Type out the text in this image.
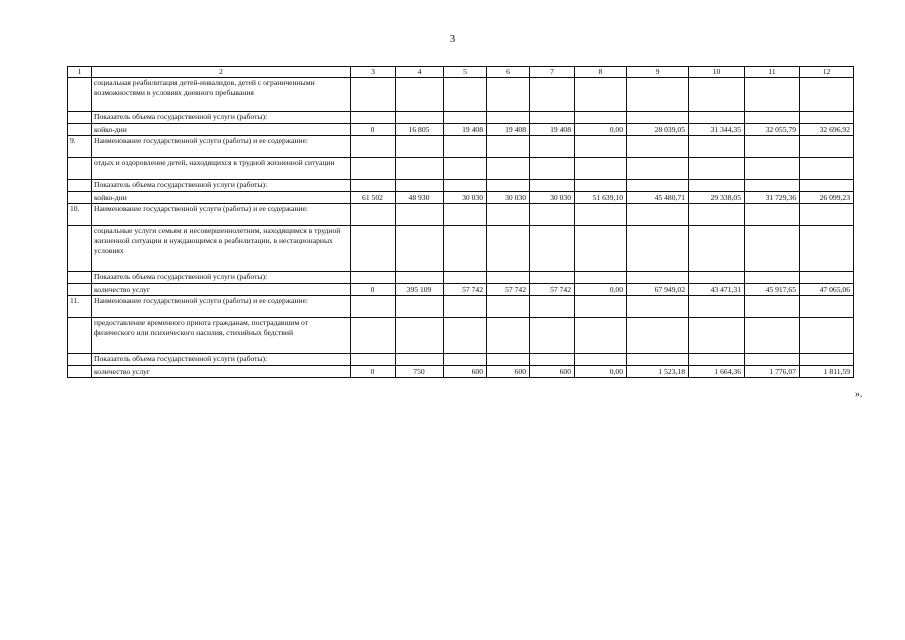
3
1	2	3	4	5	6	7	8	9	10	11	12
	социальная реабилитация детей-инвалидов, детей с ограниченными возможностями в условиях дневного пребывания										
	Показатель объема государственной услуги (работы):										
	койко-дни	0	16 805	19 408	19 408	19 408	0,00	28 039,05	31 344,35	32 055,79	32 696,92
9.	Наименование государственной услуги (работы) и ее содержание:										
	отдых и оздоровление детей, находящихся в трудной жизненной ситуации										
	Показатель объема государственной услуги (работы):										
	койко-дни	61 502	48 930	30 030	30 030	30 030	51 639,10	45 480,71	29 338,05	31 729,36	26 099,23
10.	Наименование государственной услуги (работы) и ее содержание:										
	социальные услуги семьям и несовершеннолетним, находящимся в трудной жизненной ситуации и нуждающимся в реабилитации, в нестационарных условиях										
	Показатель объема государственной услуги (работы):										
	количество услуг	0	395 109	57 742	57 742	57 742	0,00	67 949,02	43 471,31	45 917,65	47 065,06
11.	Наименование государственной услуги (работы) и ее содержание:										
	предоставление временного приюта гражданам, пострадавшим от физического или психического насилия, стихийных бедствий										
	Показатель объема государственной услуги (работы):										
	количество услуг	0	750	600	600	600	0,00	1 523,18	1 664,36	1 776,07	1 811,59
».
